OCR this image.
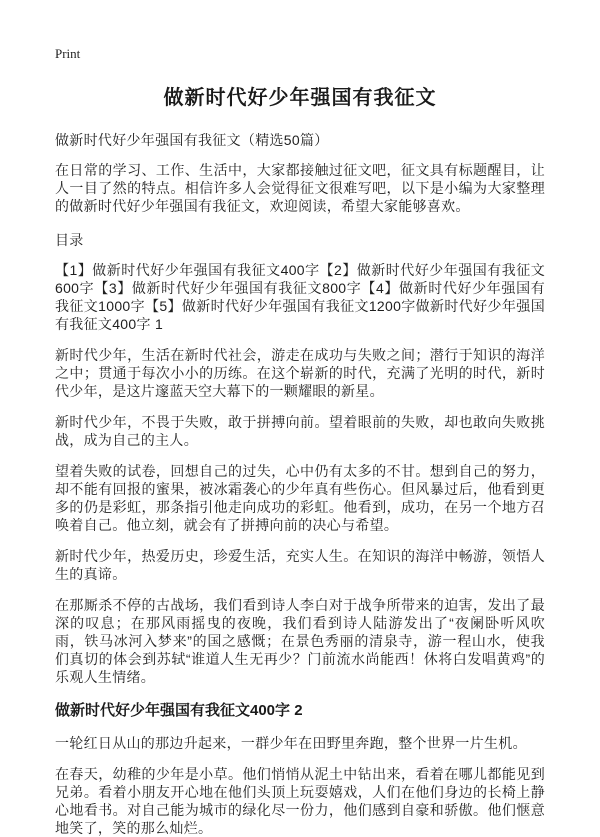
Print
做新时代好少年强国有我征文

做新时代好少年强国有我征文（精选50篇）

在日常的学习、工作、生活中，大家都接触过征文吧，征文具有标题醒目，让人一目了然的特点。相信许多人会觉得征文很难写吧，以下是小编为大家整理的做新时代好少年强国有我征文，欢迎阅读，希望大家能够喜欢。

目录

【1】做新时代好少年强国有我征文400字【2】做新时代好少年强国有我征文600字【3】做新时代好少年强国有我征文800字【4】做新时代好少年强国有我征文1000字【5】做新时代好少年强国有我征文1200字做新时代好少年强国有我征文400字 1

新时代少年，生活在新时代社会，游走在成功与失败之间；潜行于知识的海洋之中；贯通于每次小小的历练。在这个崭新的时代，充满了光明的时代，新时代少年，是这片邃蓝天空大幕下的一颗耀眼的新星。

新时代少年，不畏于失败，敢于拼搏向前。望着眼前的失败，却也敢向失败挑战，成为自己的主人。

望着失败的试卷，回想自己的过失，心中仍有太多的不甘。想到自己的努力，却不能有回报的蜜果，被冰霜袭心的少年真有些伤心。但风暴过后，他看到更多的仍是彩虹，那条指引他走向成功的彩虹。他看到，成功，在另一个地方召唤着自己。他立刻，就会有了拼搏向前的决心与希望。

新时代少年，热爱历史，珍爱生活，充实人生。在知识的海洋中畅游，领悟人生的真谛。

在那厮杀不停的古战场，我们看到诗人李白对于战争所带来的迫害，发出了最深的叹息；在那风雨摇曳的夜晚，我们看到诗人陆游发出了“夜阑卧听风吹雨，铁马冰河入梦来”的国之感慨；在景色秀丽的清泉寺，游一程山水，使我们真切的体会到苏轼“谁道人生无再少？门前流水尚能西！休将白发唱黄鸡”的乐观人生情绪。

做新时代好少年强国有我征文400字 2

一轮红日从山的那边升起来，一群少年在田野里奔跑，整个世界一片生机。

在春天，幼稚的少年是小草。他们悄悄从泥土中钻出来，看着在哪儿都能见到兄弟。看着小朋友开心地在他们头顶上玩耍嬉戏，人们在他们身边的长椅上静心地看书。对自己能为城市的绿化尽一份力，他们感到自豪和骄傲。他们惬意地笑了，笑的那么灿烂。
